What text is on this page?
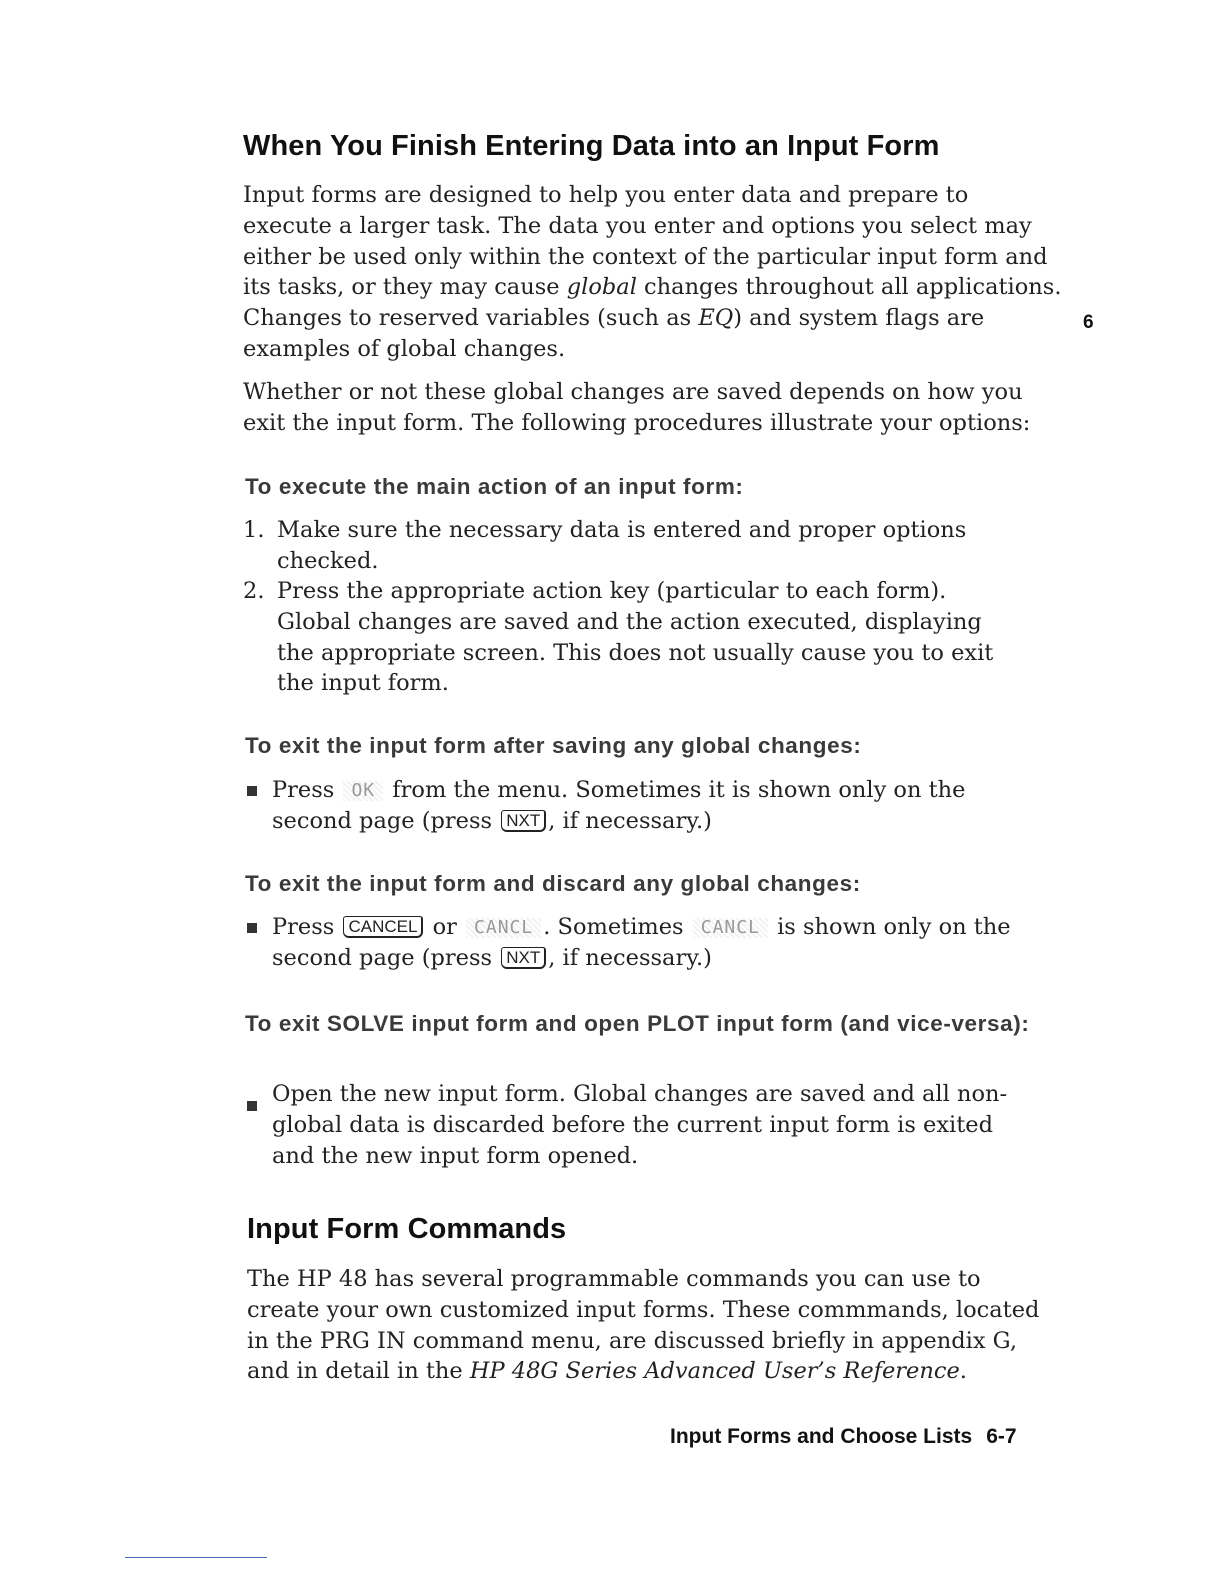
6
When You Finish Entering Data into an Input Form

Input forms are designed to help you enter data and prepare to execute a larger task. The data you enter and options you select may either be used only within the context of the particular input form and its tasks, or they may cause global changes throughout all applications. Changes to reserved variables (such as EQ) and system flags are examples of global changes.

Whether or not these global changes are saved depends on how you exit the input form. The following procedures illustrate your options:

To execute the main action of an input form:
1. Make sure the necessary data is entered and proper options checked.

2. Press the appropriate action key (particular to each form). Global changes are saved and the action executed, displaying the appropriate screen. This does not usually cause you to exit the input form.

To exit the input form after saving any global changes:

Press OK from the menu. Sometimes it is shown only on the second page (press NXT , if necessary.)

To exit the input form and discard any global changes:

Press CANCEL or CANCL . Sometimes CANCL is shown only on the second page (press NXT , if necessary.)

To exit SOLVE input form and open PLOT input form (and vice-versa):

Open the new input form. Global changes are saved and all non-global data is discarded before the current input form is exited and the new input form opened.

Input Form Commands

The HP 48 has several programmable commands you can use to create your own customized input forms. These commmands, located in the PRG IN command menu, are discussed briefly in appendix G, and in detail in the HP 48G Series Advanced User’s Reference.

Input Forms and Choose Lists 6-7
